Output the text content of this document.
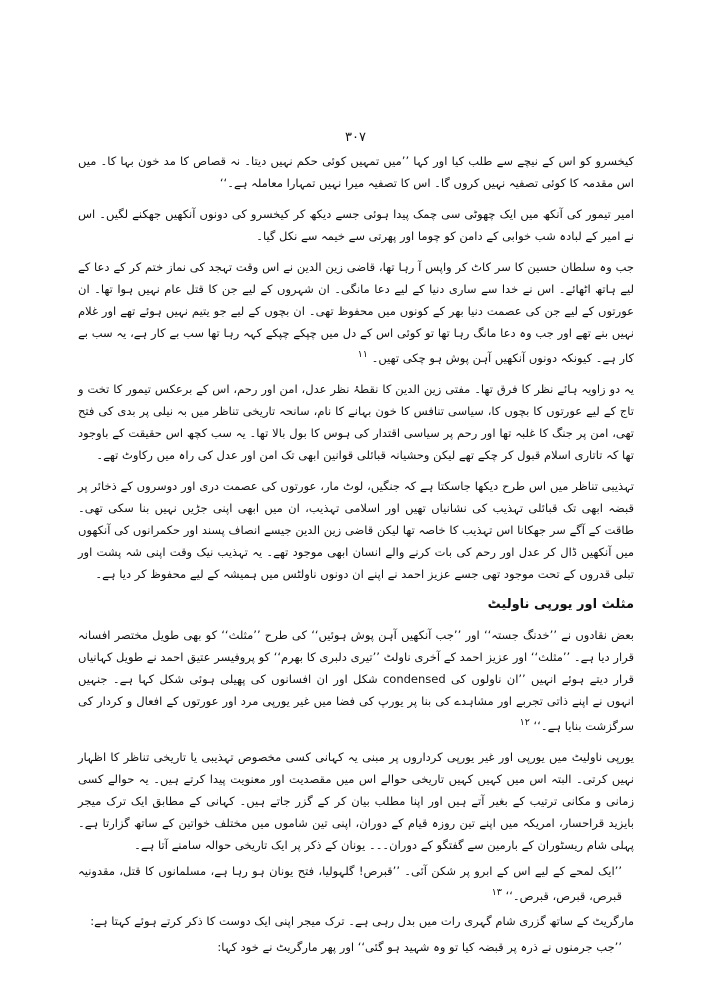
۳۰۷

کیخسرو کو اس کے نیچے سے طلب کیا اور کہا ’’میں تمہیں کوئی حکم نہیں دیتا۔ نہ قصاص کا مد خون بہا کا۔ میں اس مقدمہ کا کوئی تصفیہ نہیں کروں گا۔ اس کا تصفیہ میرا نہیں تمہارا معاملہ ہے۔‘‘

امیر تیمور کی آنکھ میں ایک چھوٹی سی چمک پیدا ہوئی جسے دیکھ کر کیخسرو کی دونوں آنکھیں جھکنے لگیں۔ اس نے امیر کے لبادہ شب خوابی کے دامن کو چوما اور پھرتی سے خیمہ سے نکل گیا۔

جب وہ سلطان حسین کا سر کاٹ کر واپس آ رہا تھا، قاضی زین الدین نے اس وقت تہجد کی نماز ختم کر کے دعا کے لیے ہاتھ اٹھائے۔ اس نے خدا سے ساری دنیا کے لیے دعا مانگی۔ ان شہروں کے لیے جن کا قتل عام نہیں ہوا تھا۔ ان عورتوں کے لیے جن کی عصمت دنیا بھر کے کونوں میں محفوظ تھی۔ ان بچوں کے لیے جو یتیم نہیں ہوئے تھے اور غلام نہیں بنے تھے اور جب وہ دعا مانگ رہا تھا تو کوئی اس کے دل میں چپکے چپکے کہہ رہا تھا سب بے کار ہے، یہ سب بے کار ہے۔ کیونکہ دونوں آنکھیں آہن پوش ہو چکی تھیں۔ $^{۱۱}$

یہ دو زاویہ ہائے نظر کا فرق تھا۔ مفتی زین الدین کا نقطۂ نظر عدل، امن اور رحم، اس کے برعکس تیمور کا تخت و تاج کے لیے عورتوں کا بچوں کا، سیاسی تنافس کا خون بہانے کا نام، سانحہ تاریخی تناظر میں بہ نیلی پر بدی کی فتح تھی، امن پر جنگ کا غلبہ تھا اور رحم پر سیاسی اقتدار کی ہوس کا بول بالا تھا۔ یہ سب کچھ اس حقیقت کے باوجود تھا کہ تاتاری اسلام قبول کر چکے تھے لیکن وحشیانہ قبائلی قوانین ابھی تک امن اور عدل کی راہ میں رکاوٹ تھے۔

تہذیبی تناظر میں اس طرح دیکھا جاسکتا ہے کہ جنگیں، لوٹ مار، عورتوں کی عصمت دری اور دوسروں کے ذخائر پر قبضہ ابھی تک قبائلی تہذیب کی نشانیاں تھیں اور اسلامی تہذیب، ان میں ابھی اپنی جڑیں نہیں بنا سکی تھی۔ طاقت کے آگے سر جھکانا اس تہذیب کا خاصہ تھا لیکن قاضی زین الدین جیسے انصاف پسند اور حکمرانوں کی آنکھوں میں آنکھیں ڈال کر عدل اور رحم کی بات کرنے والے انسان ابھی موجود تھے۔ یہ تہذیب نیک وقت اپنی شہ پشت اور تبلی قدروں کے تحت موجود تھی جسے عزیز احمد نے اپنے ان دونوں ناولٹس میں ہمیشہ کے لیے محفوظ کر دیا ہے۔

مثلث اور یورپی ناولیٹ

بعض نقادوں نے ’’خدنگ جستہ‘‘ اور ’’جب آنکھیں آہن پوش ہوئیں‘‘ کی طرح ’’مثلث‘‘ کو بھی طویل مختصر افسانہ قرار دیا ہے۔ ’’مثلث‘‘ اور عزیز احمد کے آخری ناولٹ ’’تیری دلبری کا بھرم‘‘ کو پروفیسر عتیق احمد نے طویل کہانیاں قرار دیتے ہوئے انہیں ’’ان ناولوں کی condensed شکل اور ان افسانوں کی پھیلی ہوئی شکل کہا ہے۔ جنہیں انہوں نے اپنے ذاتی تجربے اور مشاہدے کی بنا پر یورپ کی فضا میں غیر یورپی مرد اور عورتوں کے افعال و کردار کی سرگزشت بنایا ہے۔‘‘ $^{۱۲}$

یورپی ناولیٹ میں یورپی اور غیر یورپی کرداروں پر مبنی یہ کہانی کسی مخصوص تہذیبی یا تاریخی تناظر کا اظہار نہیں کرتی۔ البتہ اس میں کہیں کہیں تاریخی حوالے اس میں مقصدیت اور معنویت پیدا کرتے ہیں۔ یہ حوالے کسی زمانی و مکانی ترتیب کے بغیر آتے ہیں اور اپنا مطلب بیان کر کے گزر جاتے ہیں۔ کہانی کے مطابق ایک ترک میجر بایزید قراحسار، امریکہ میں اپنے تین روزہ قیام کے دوران، اپنی تین شاموں میں مختلف خواتین کے ساتھ گزارتا ہے۔ پہلی شام ریسٹوران کے بارمین سے گفتگو کے دوران۔۔۔ یونان کے ذکر پر ایک تاریخی حوالہ سامنے آتا ہے۔

’’ایک لمحے کے لیے اس کے ابرو پر شکن آئی۔ ’’قبرص! گلہولیا، فتح یونان ہو رہا ہے، مسلمانوں کا قتل، مقدونیہ قبرص، قبرص، قبرص۔‘‘ $^{۱۳}$

مارگریٹ کے ساتھ گزری شام گہری رات میں بدل رہی ہے۔ ترک میجر اپنی ایک دوست کا ذکر کرتے ہوئے کہتا ہے:

’’جب جرمنوں نے ذرہ پر قبضہ کیا تو وہ شہید ہو گئی‘‘ اور پھر مارگریٹ نے خود کہا:
